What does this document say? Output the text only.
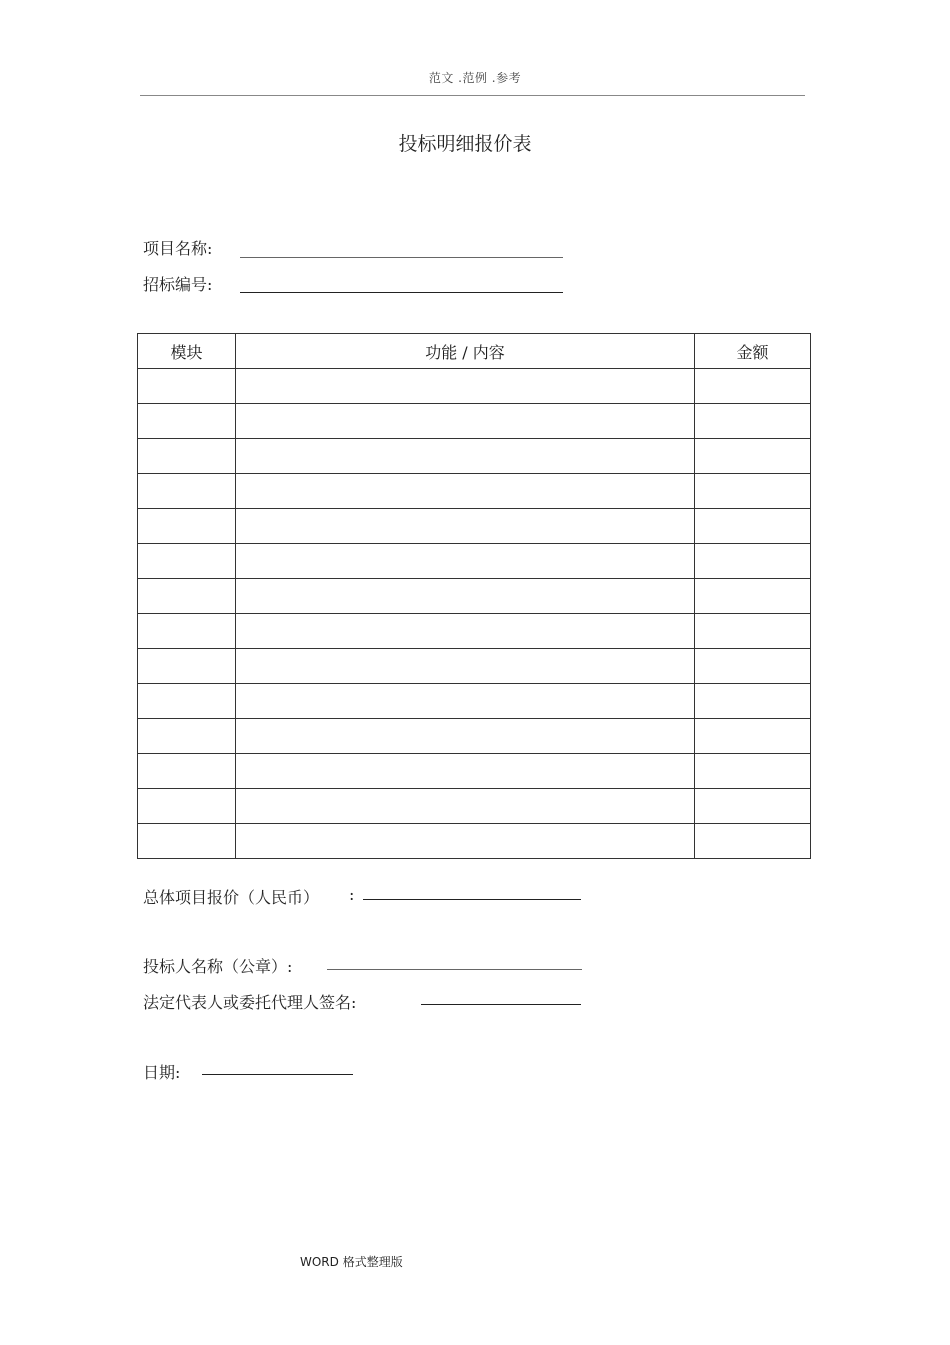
范文 .范例 .参考
投标明细报价表
项目名称:
招标编号:
模块	功能 / 内容	金额

总体项目报价（人民币） :
投标人名称（公章）:
法定代表人或委托代理人签名:
日期:
WORD 格式整理版
